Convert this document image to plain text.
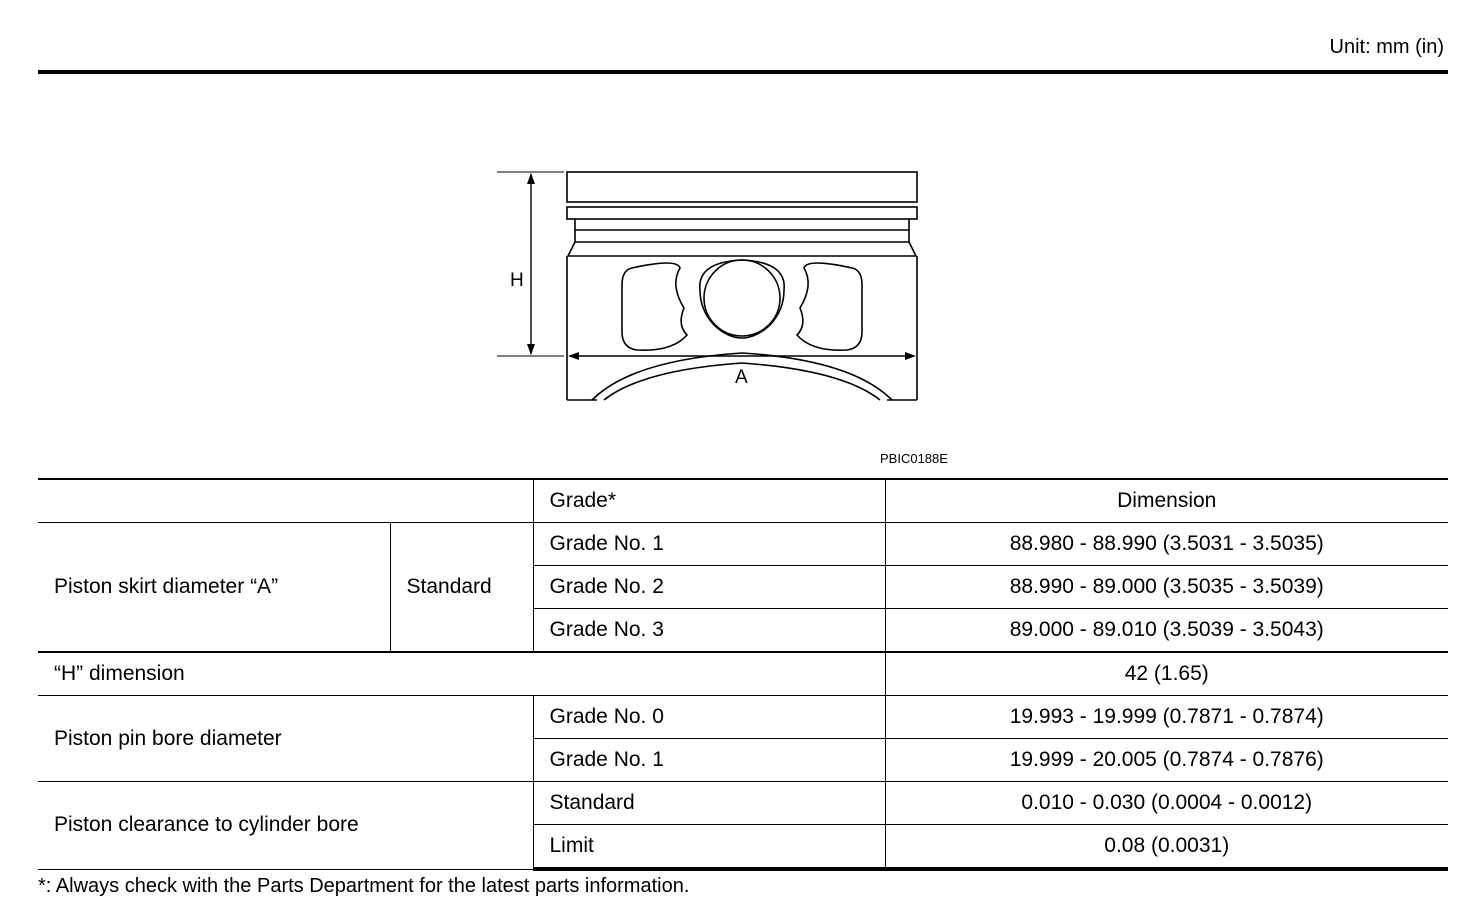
Unit: mm (in)
H
A
PBIC0188E
		Grade*	Dimension
Piston skirt diameter “A”	Standard	Grade No. 1	88.980 - 88.990 (3.5031 - 3.5035)
		Grade No. 2	88.990 - 89.000 (3.5035 - 3.5039)
		Grade No. 3	89.000 - 89.010 (3.5039 - 3.5043)
“H” dimension			42 (1.65)
Piston pin bore diameter		Grade No. 0	19.993 - 19.999 (0.7871 - 0.7874)
		Grade No. 1	19.999 - 20.005 (0.7874 - 0.7876)
Piston clearance to cylinder bore		Standard	0.010 - 0.030 (0.0004 - 0.0012)
		Limit	0.08 (0.0031)
*: Always check with the Parts Department for the latest parts information.
